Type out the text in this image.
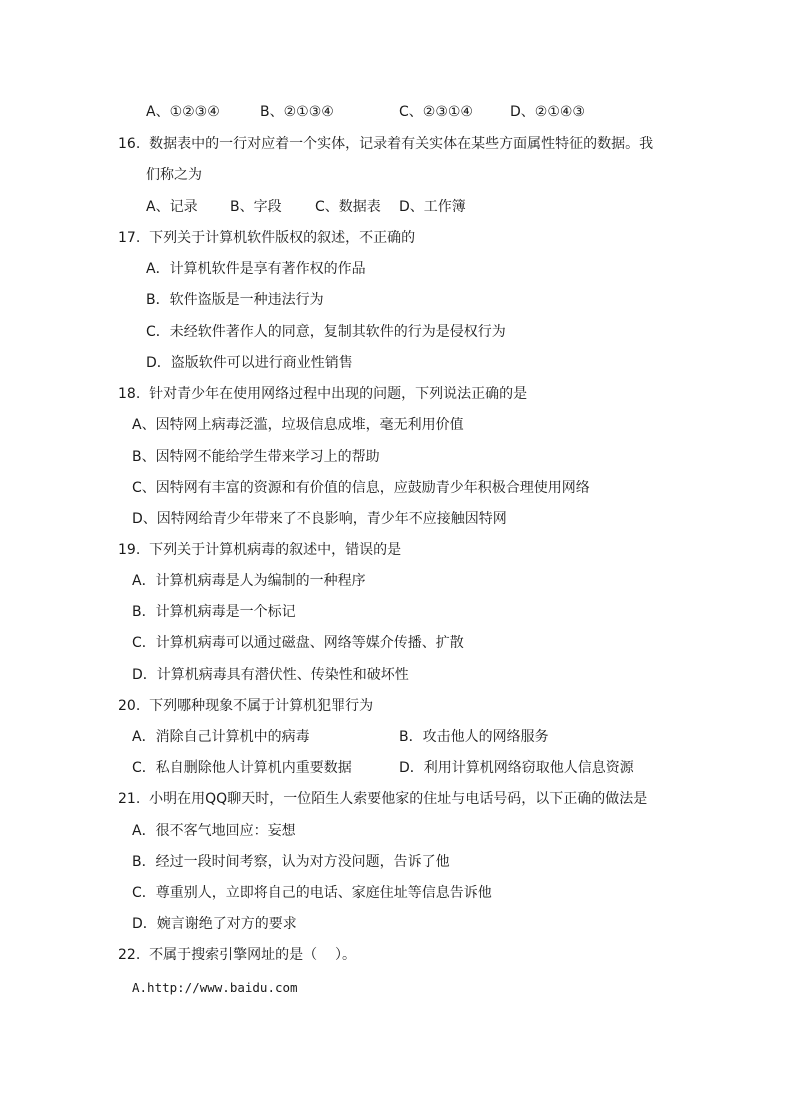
A、①②③④	B、②①③④	C、②③①④	D、②①④③
16.  数据表中的一行对应着一个实体，记录着有关实体在某些方面属性特征的数据。我
们称之为
A、记录 B、字段 C、数据表 D、工作簿
17.  下列关于计算机软件版权的叙述，不正确的
A．计算机软件是享有著作权的作品
B．软件盗版是一种违法行为
C．未经软件著作人的同意，复制其软件的行为是侵权行为
D．盗版软件可以进行商业性销售
18.  针对青少年在使用网络过程中出现的问题，下列说法正确的是
A、因特网上病毒泛滥，垃圾信息成堆，毫无利用价值
B、因特网不能给学生带来学习上的帮助
C、因特网有丰富的资源和有价值的信息，应鼓励青少年积极合理使用网络
D、因特网给青少年带来了不良影响，青少年不应接触因特网
19.  下列关于计算机病毒的叙述中，错误的是
A．计算机病毒是人为编制的一种程序
B．计算机病毒是一个标记
C．计算机病毒可以通过磁盘、网络等媒介传播、扩散
D．计算机病毒具有潜伏性、传染性和破坏性
20.  下列哪种现象不属于计算机犯罪行为
A．消除自己计算机中的病毒	B．攻击他人的网络服务
C．私自删除他人计算机内重要数据	D．利用计算机网络窃取他人信息资源
21.  小明在用QQ聊天时，一位陌生人索要他家的住址与电话号码，以下正确的做法是
A．很不客气地回应：妄想
B．经过一段时间考察，认为对方没问题，告诉了他
C．尊重别人，立即将自己的电话、家庭住址等信息告诉他
D．婉言谢绝了对方的要求
22.  不属于搜索引擎网址的是（    ）。
A.http://www.baidu.com
